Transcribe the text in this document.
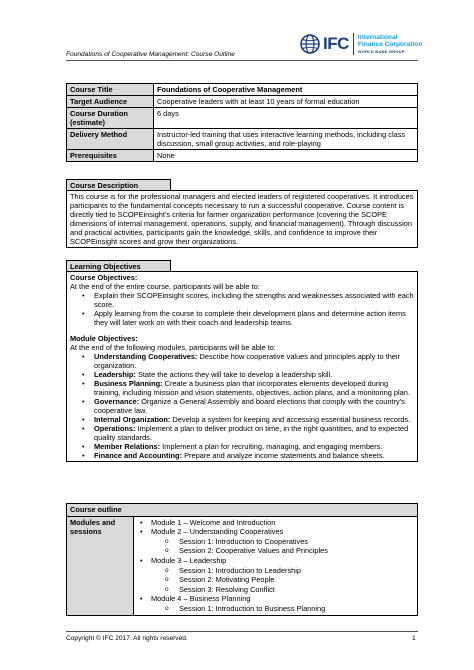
Foundations of Cooperative Management: Course Outline
IFC International
Finance Corporation
WORLD BANK GROUP
Course Title	Foundations of Cooperative Management
Target Audience	Cooperative leaders with at least 10 years of formal education
Course Duration (estimate)	6 days
Delivery Method	Instructor-led training that uses interactive learning methods, including class discussion, small group activities, and role-playing
Prerequisites	None
Course Description

This course is for the professional managers and elected leaders of registered cooperatives. It introduces participants to the fundamental concepts necessary to run a successful cooperative. Course content is directly tied to SCOPEinsight’s criteria for farmer organization performance (covering the SCOPE dimensions of internal management, operations, supply, and financial management). Through discussion and practical activities, participants gain the knowledge, skills, and confidence to improve their SCOPEinsight scores and grow their organizations.

Learning Objectives

Course Objectives:

At the end of the entire course, participants will be able to:

• Explain their SCOPEinsight scores, including the strengths and weaknesses associated with each score.
• Apply learning from the course to complete their development plans and determine action items they will later work on with their coach and leadership teams.

Module Objectives:

At the end of the following modules, participants will be able to:

• Understanding Cooperatives: Describe how cooperative values and principles apply to their organization.
• Leadership: State the actions they will take to develop a leadership skill.
• Business Planning: Create a business plan that incorporates elements developed during training, including mission and vision statements, objectives, action plans, and a monitoring plan.
• Governance: Organize a General Assembly and board elections that comply with the country’s cooperative law.
• Internal Organization: Develop a system for keeping and accessing essential business records.
• Operations: Implement a plan to deliver product on time, in the right quantities, and to expected quality standards.
• Member Relations: Implement a plan for recruiting, managing, and engaging members.
• Finance and Accounting: Prepare and analyze income statements and balance sheets.
Course outline
Modules and sessions	
• Module 1 – Welcome and Introduction
• Module 2 – Understanding Cooperatives
o Session 1: Introduction to Cooperatives
o Session 2: Cooperative Values and Principles
• Module 3 – Leadership
o Session 1: Introduction to Leadership
o Session 2: Motivating People
o Session 3: Resolving Conflict
• Module 4 – Business Planning
o Session 1: Introduction to Business Planning
Copyright © IFC 2017. All rights reserved.	1
